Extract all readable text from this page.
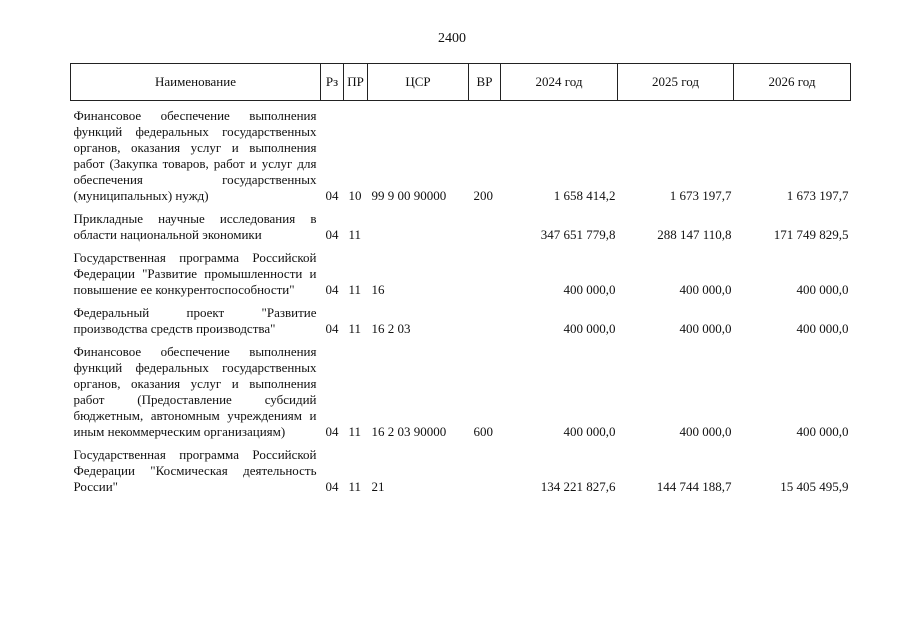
2400
Наименование	Рз	ПР	ЦСР	ВР	2024 год	2025 год	2026 год
Финансовое обеспечение выполнения функций федеральных государственных органов, оказания услуг и выполнения работ (Закупка товаров, работ и услуг для обеспечения государственных (муниципальных) нужд)	04	10	99 9 00 90000	200	1 658 414,2	1 673 197,7	1 673 197,7

Прикладные научные исследования в области национальной экономики	04	11			347 651 779,8	288 147 110,8	171 749 829,5

Государственная программа Российской Федерации "Развитие промышленности и повышение ее конкурентоспособности"	04	11	16		400 000,0	400 000,0	400 000,0

Федеральный проект "Развитие производства средств производства"	04	11	16 2 03		400 000,0	400 000,0	400 000,0

Финансовое обеспечение выполнения функций федеральных государственных органов, оказания услуг и выполнения работ (Предоставление субсидий бюджетным, автономным учреждениям и иным некоммерческим организациям)	04	11	16 2 03 90000	600	400 000,0	400 000,0	400 000,0

Государственная программа Российской Федерации "Космическая деятельность России"	04	11	21		134 221 827,6	144 744 188,7	15 405 495,9
